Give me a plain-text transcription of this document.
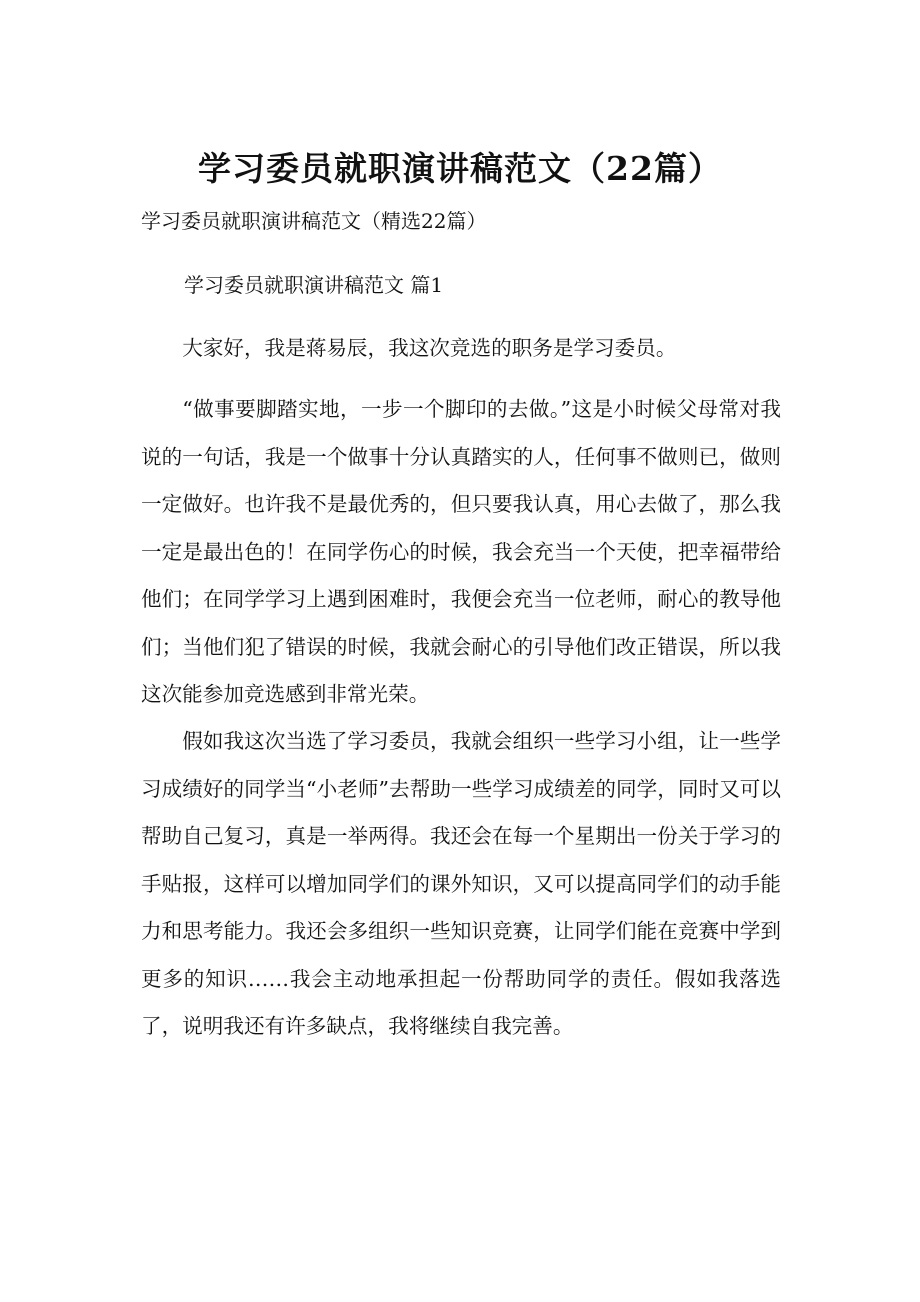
学习委员就职演讲稿范文（22篇）

学习委员就职演讲稿范文（精选22篇）

学习委员就职演讲稿范文 篇1

大家好，我是蒋易辰，我这次竞选的职务是学习委员。

“做事要脚踏实地，一步一个脚印的去做。”这是小时候父母常对我说的一句话，我是一个做事十分认真踏实的人，任何事不做则已，做则一定做好。也许我不是最优秀的，但只要我认真，用心去做了，那么我一定是最出色的！在同学伤心的时候，我会充当一个天使，把幸福带给他们；在同学学习上遇到困难时，我便会充当一位老师，耐心的教导他们；当他们犯了错误的时候，我就会耐心的引导他们改正错误，所以我这次能参加竞选感到非常光荣。

假如我这次当选了学习委员，我就会组织一些学习小组，让一些学习成绩好的同学当“小老师”去帮助一些学习成绩差的同学，同时又可以帮助自己复习，真是一举两得。我还会在每一个星期出一份关于学习的手贴报，这样可以增加同学们的课外知识，又可以提高同学们的动手能力和思考能力。我还会多组织一些知识竞赛，让同学们能在竞赛中学到更多的知识……我会主动地承担起一份帮助同学的责任。假如我落选了，说明我还有许多缺点，我将继续自我完善。
